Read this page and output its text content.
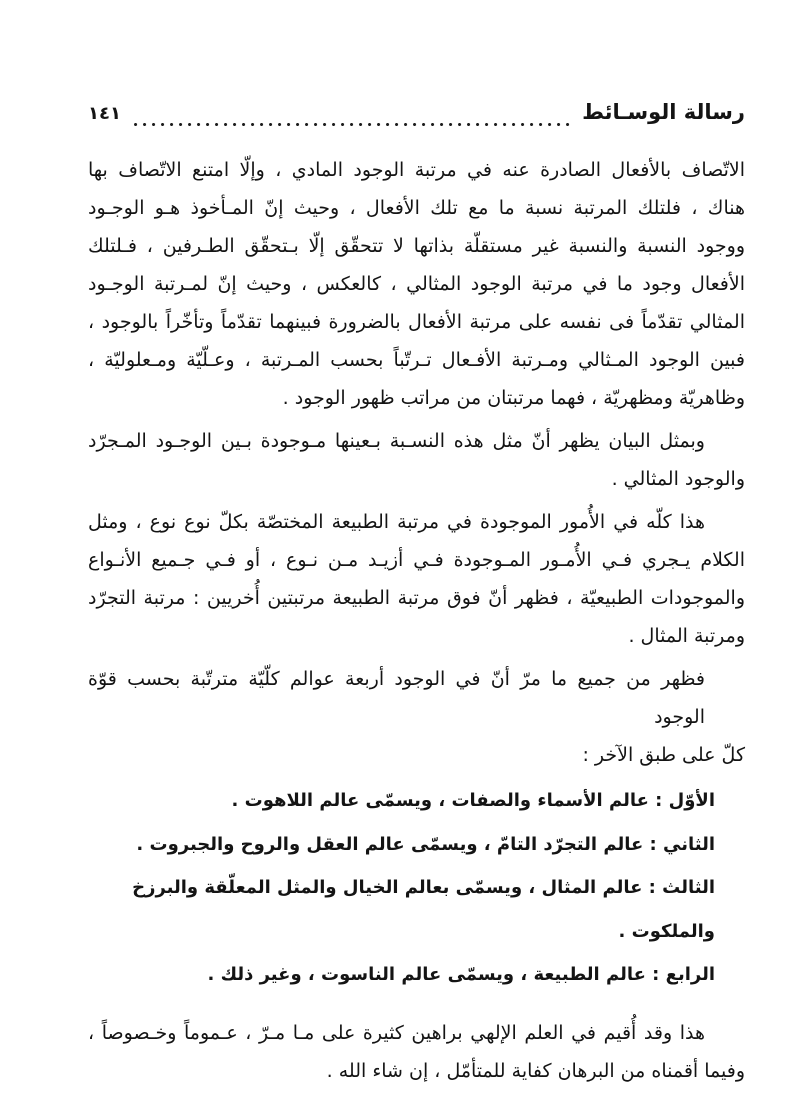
رسالة الوسـائط
١٤١
الاتّصاف بالأفعال الصادرة عنه في مرتبة الوجود المادي ، وإلّا امتنع الاتّصاف بها
هناك ، فلتلك المرتبة نسبة ما مع تلك الأفعال ، وحيث إنّ المـأخوذ هـو الوجـود
ووجود النسبة والنسبة غير مستقلّة بذاتها لا تتحقّق إلّا بـتحقّق الطـرفين ، فـلتلك
الأفعال وجود ما في مرتبة الوجود المثالي ، كالعكس ، وحيث إنّ لمـرتبة الوجـود
المثالي تقدّماً فى نفسه على مرتبة الأفعال بالضرورة فبينهما تقدّماً وتأخّراً بالوجود ،
فبين الوجود المـثالي ومـرتبة الأفـعال تـرتّباً بحسب المـرتبة ، وعـلّيّة ومـعلوليّة ،
وظاهريّة ومظهريّة ، فهما مرتبتان من مراتب ظهور الوجود .
وبمثل البيان يظهر أنّ مثل هذه النسـبة بـعينها مـوجودة بـين الوجـود المـجرّد
والوجود المثالي .
هذا كلّه في الأُمور الموجودة في مرتبة الطبيعة المختصّة بكلّ نوع نوع ، ومثل
الكلام يـجري فـي الأُمـور المـوجودة فـي أزيـد مـن نـوع ، أو فـي جـميع الأنـواع
والموجودات الطبيعيّة ، فظهر أنّ فوق مرتبة الطبيعة مرتبتين أُخريين : مرتبة التجرّد
ومرتبة المثال .
فظهر من جميع ما مرّ أنّ في الوجود أربعة عوالم كلّيّة مترتّبة بحسب قوّة الوجود
كلّ على طبق الآخر :
الأوّل : عالم الأسماء والصفات ، ويسمّى عالم اللاهوت .
الثاني : عالم التجرّد التامّ ، ويسمّى عالم العقل والروح والجبروت .
الثالث : عالم المثال ، ويسمّى بعالم الخيال والمثل المعلّقة والبرزخ والملكوت .
الرابع : عالم الطبيعة ، ويسمّى عالم الناسوت ، وغير ذلك .
هذا وقد أُقيم في العلم الإلهي براهين كثيرة على مـا مـرّ ، عـموماً وخـصوصاً ،
وفيما أقمناه من البرهان كفاية للمتأمّل ، إن شاء الله .
